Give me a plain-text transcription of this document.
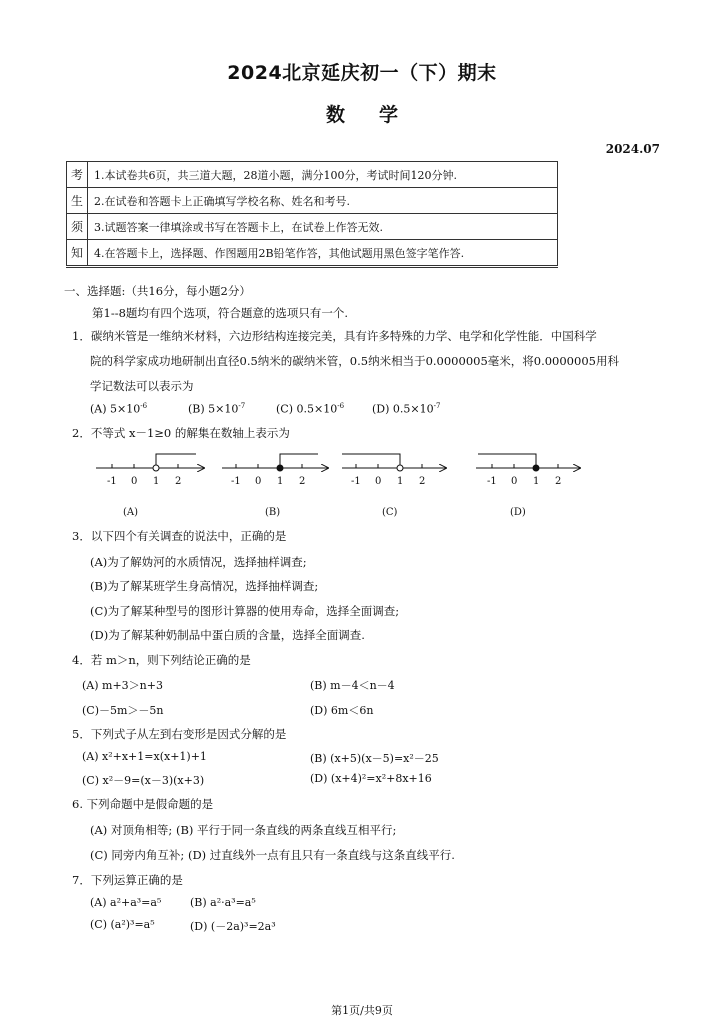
2024北京延庆初一（下）期末
数学
2024.07
考	1.本试卷共6页，共三道大题，28道小题，满分100分，考试时间120分钟.
生	2.在试卷和答题卡上正确填写学校名称、姓名和考号.
须	3.试题答案一律填涂或书写在答题卡上，在试卷上作答无效.
知	4.在答题卡上，选择题、作图题用2B铅笔作答，其他试题用黑色签字笔作答.
一、选择题:（共16分，每小题2分）
第1--8题均有四个选项，符合题意的选项只有一个.
1．碳纳米管是一维纳米材料，六边形结构连接完美，具有许多特殊的力学、电学和化学性能．中国科学
院的科学家成功地研制出直径0.5纳米的碳纳米管，0.5纳米相当于0.0000005毫米，将0.0000005用科
学记数法可以表示为
(A) $5\times 10^{-6}$	(B) $5\times 10^{-7}$	(C) $0.5\times 10^{-6}$	(D) $0.5\times 10^{-7}$
2．不等式 x－1≥0 的解集在数轴上表示为
-1 0 1 2
(A)
-1 0 1 2
(B)
-1 0 1 2
(C)
-1 0 1 2
(D)
3．以下四个有关调查的说法中，正确的是
(A)为了解妫河的水质情况，选择抽样调查;
(B)为了解某班学生身高情况，选择抽样调查;
(C)为了解某种型号的图形计算器的使用寿命，选择全面调查;
(D)为了解某种奶制品中蛋白质的含量，选择全面调查.
4．若 m＞n，则下列结论正确的是
(A) m+3＞n+3	(B) m－4＜n－4
(C)－5m＞－5n	(D) 6m＜6n
5．下列式子从左到右变形是因式分解的是
(A) x²+x+1=x(x+1)+1	(B) (x+5)(x－5)=x²－25
(C) x²－9=(x－3)(x+3)	(D) (x+4)²=x²+8x+16
6. 下列命题中是假命题的是
(A) 对顶角相等; (B) 平行于同一条直线的两条直线互相平行;
(C) 同旁内角互补; (D) 过直线外一点有且只有一条直线与这条直线平行.
7．下列运算正确的是
(A) a²+a³=a⁵	(B) a²·a³=a⁵
(C) (a²)³=a⁵	(D) (－2a)³=2a³
第1页/共9页
